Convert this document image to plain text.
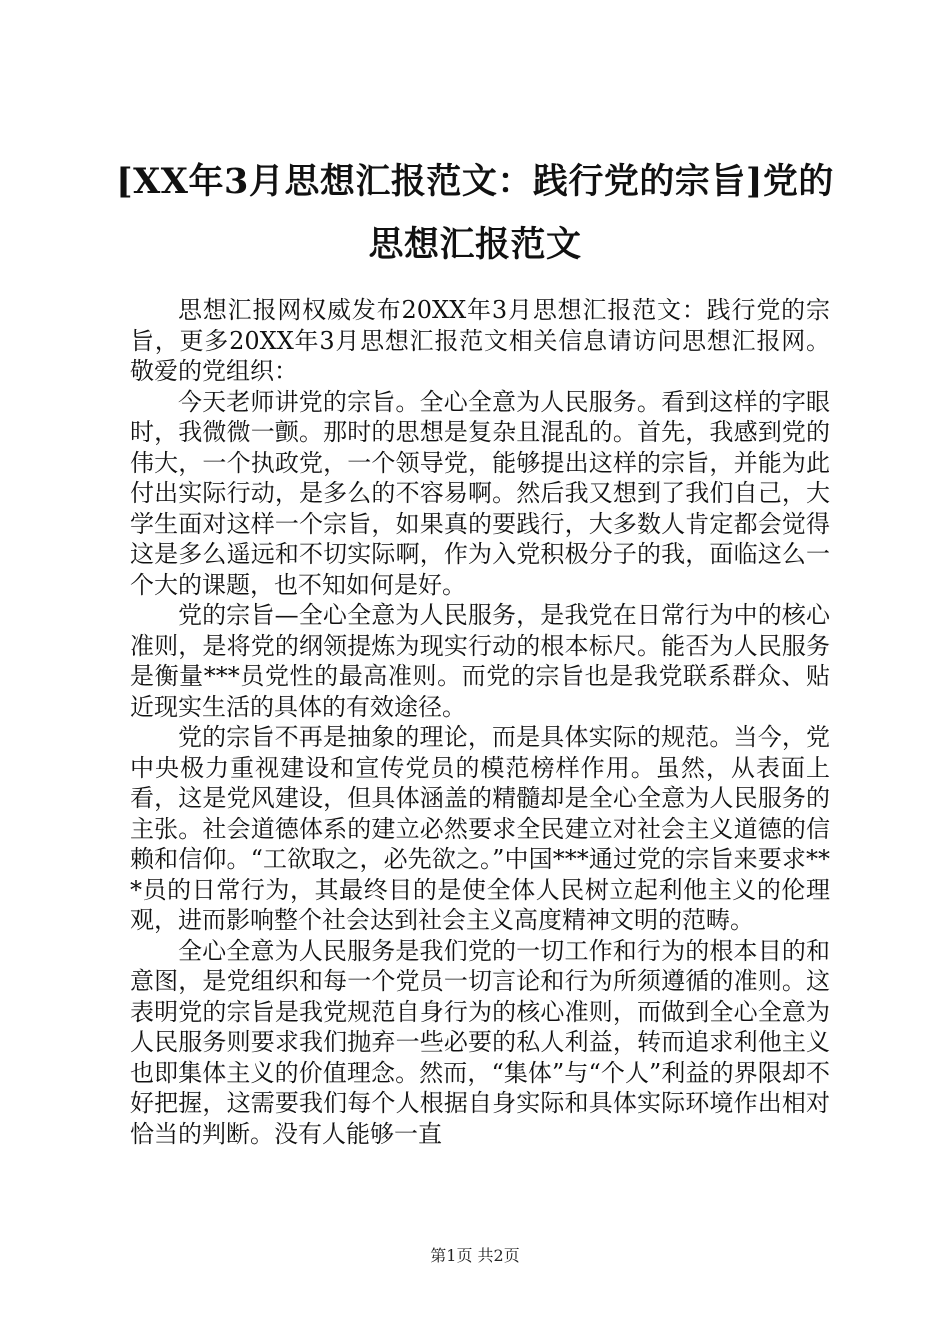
[XX年3月思想汇报范文：践行党的宗旨]党的
思想汇报范文

思想汇报网权威发布20XX年3月思想汇报范文：践行党的宗旨，更多20XX年3月思想汇报范文相关信息请访问思想汇报网。敬爱的党组织：

今天老师讲党的宗旨。全心全意为人民服务。看到这样的字眼时，我微微一颤。那时的思想是复杂且混乱的。首先，我感到党的伟大，一个执政党，一个领导党，能够提出这样的宗旨，并能为此付出实际行动，是多么的不容易啊。然后我又想到了我们自己，大学生面对这样一个宗旨，如果真的要践行，大多数人肯定都会觉得这是多么遥远和不切实际啊，作为入党积极分子的我，面临这么一个大的课题，也不知如何是好。

党的宗旨—全心全意为人民服务，是我党在日常行为中的核心准则，是将党的纲领提炼为现实行动的根本标尺。能否为人民服务是衡量***员党性的最高准则。而党的宗旨也是我党联系群众、贴近现实生活的具体的有效途径。

党的宗旨不再是抽象的理论，而是具体实际的规范。当今，党中央极力重视建设和宣传党员的模范榜样作用。虽然，从表面上看，这是党风建设，但具体涵盖的精髓却是全心全意为人民服务的主张。社会道德体系的建立必然要求全民建立对社会主义道德的信赖和信仰。“工欲取之，必先欲之。”中国***通过党的宗旨来要求***员的日常行为，其最终目的是使全体人民树立起利他主义的伦理观，进而影响整个社会达到社会主义高度精神文明的范畴。

全心全意为人民服务是我们党的一切工作和行为的根本目的和意图，是党组织和每一个党员一切言论和行为所须遵循的准则。这表明党的宗旨是我党规范自身行为的核心准则，而做到全心全意为人民服务则要求我们抛弃一些必要的私人利益，转而追求利他主义也即集体主义的价值理念。然而，“集体”与“个人”利益的界限却不好把握，这需要我们每个人根据自身实际和具体实际环境作出相对恰当的判断。没有人能够一直

第1页 共2页
